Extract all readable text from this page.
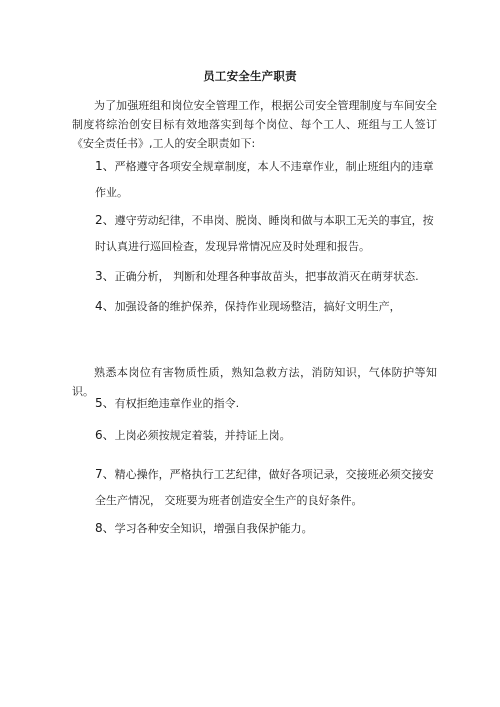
员工安全生产职责

为了加强班组和岗位安全管理工作，根据公司安全管理制度与车间安全制度将综治创安目标有效地落实到每个岗位、每个工人、班组与工人签订《安全责任书》,工人的安全职责如下:

1、严格遵守各项安全规章制度，本人不违章作业，制止班组内的违章作业。

2、遵守劳动纪律，不串岗、脱岗、睡岗和做与本职工无关的事宜，按时认真进行巡回检查，发现异常情况应及时处理和报告。

3、正确分析， 判断和处理各种事故苗头，把事故消灭在萌芽状态.

4、加强设备的维护保养，保持作业现场整洁，搞好文明生产，

熟悉本岗位有害物质性质，熟知急救方法，消防知识，气体防护等知识。

5、有权拒绝违章作业的指令.

6、上岗必须按规定着装，并持证上岗。

7、精心操作，严格执行工艺纪律，做好各项记录，交接班必须交接安全生产情况， 交班要为班者创造安全生产的良好条件。

8、学习各种安全知识，增强自我保护能力。
